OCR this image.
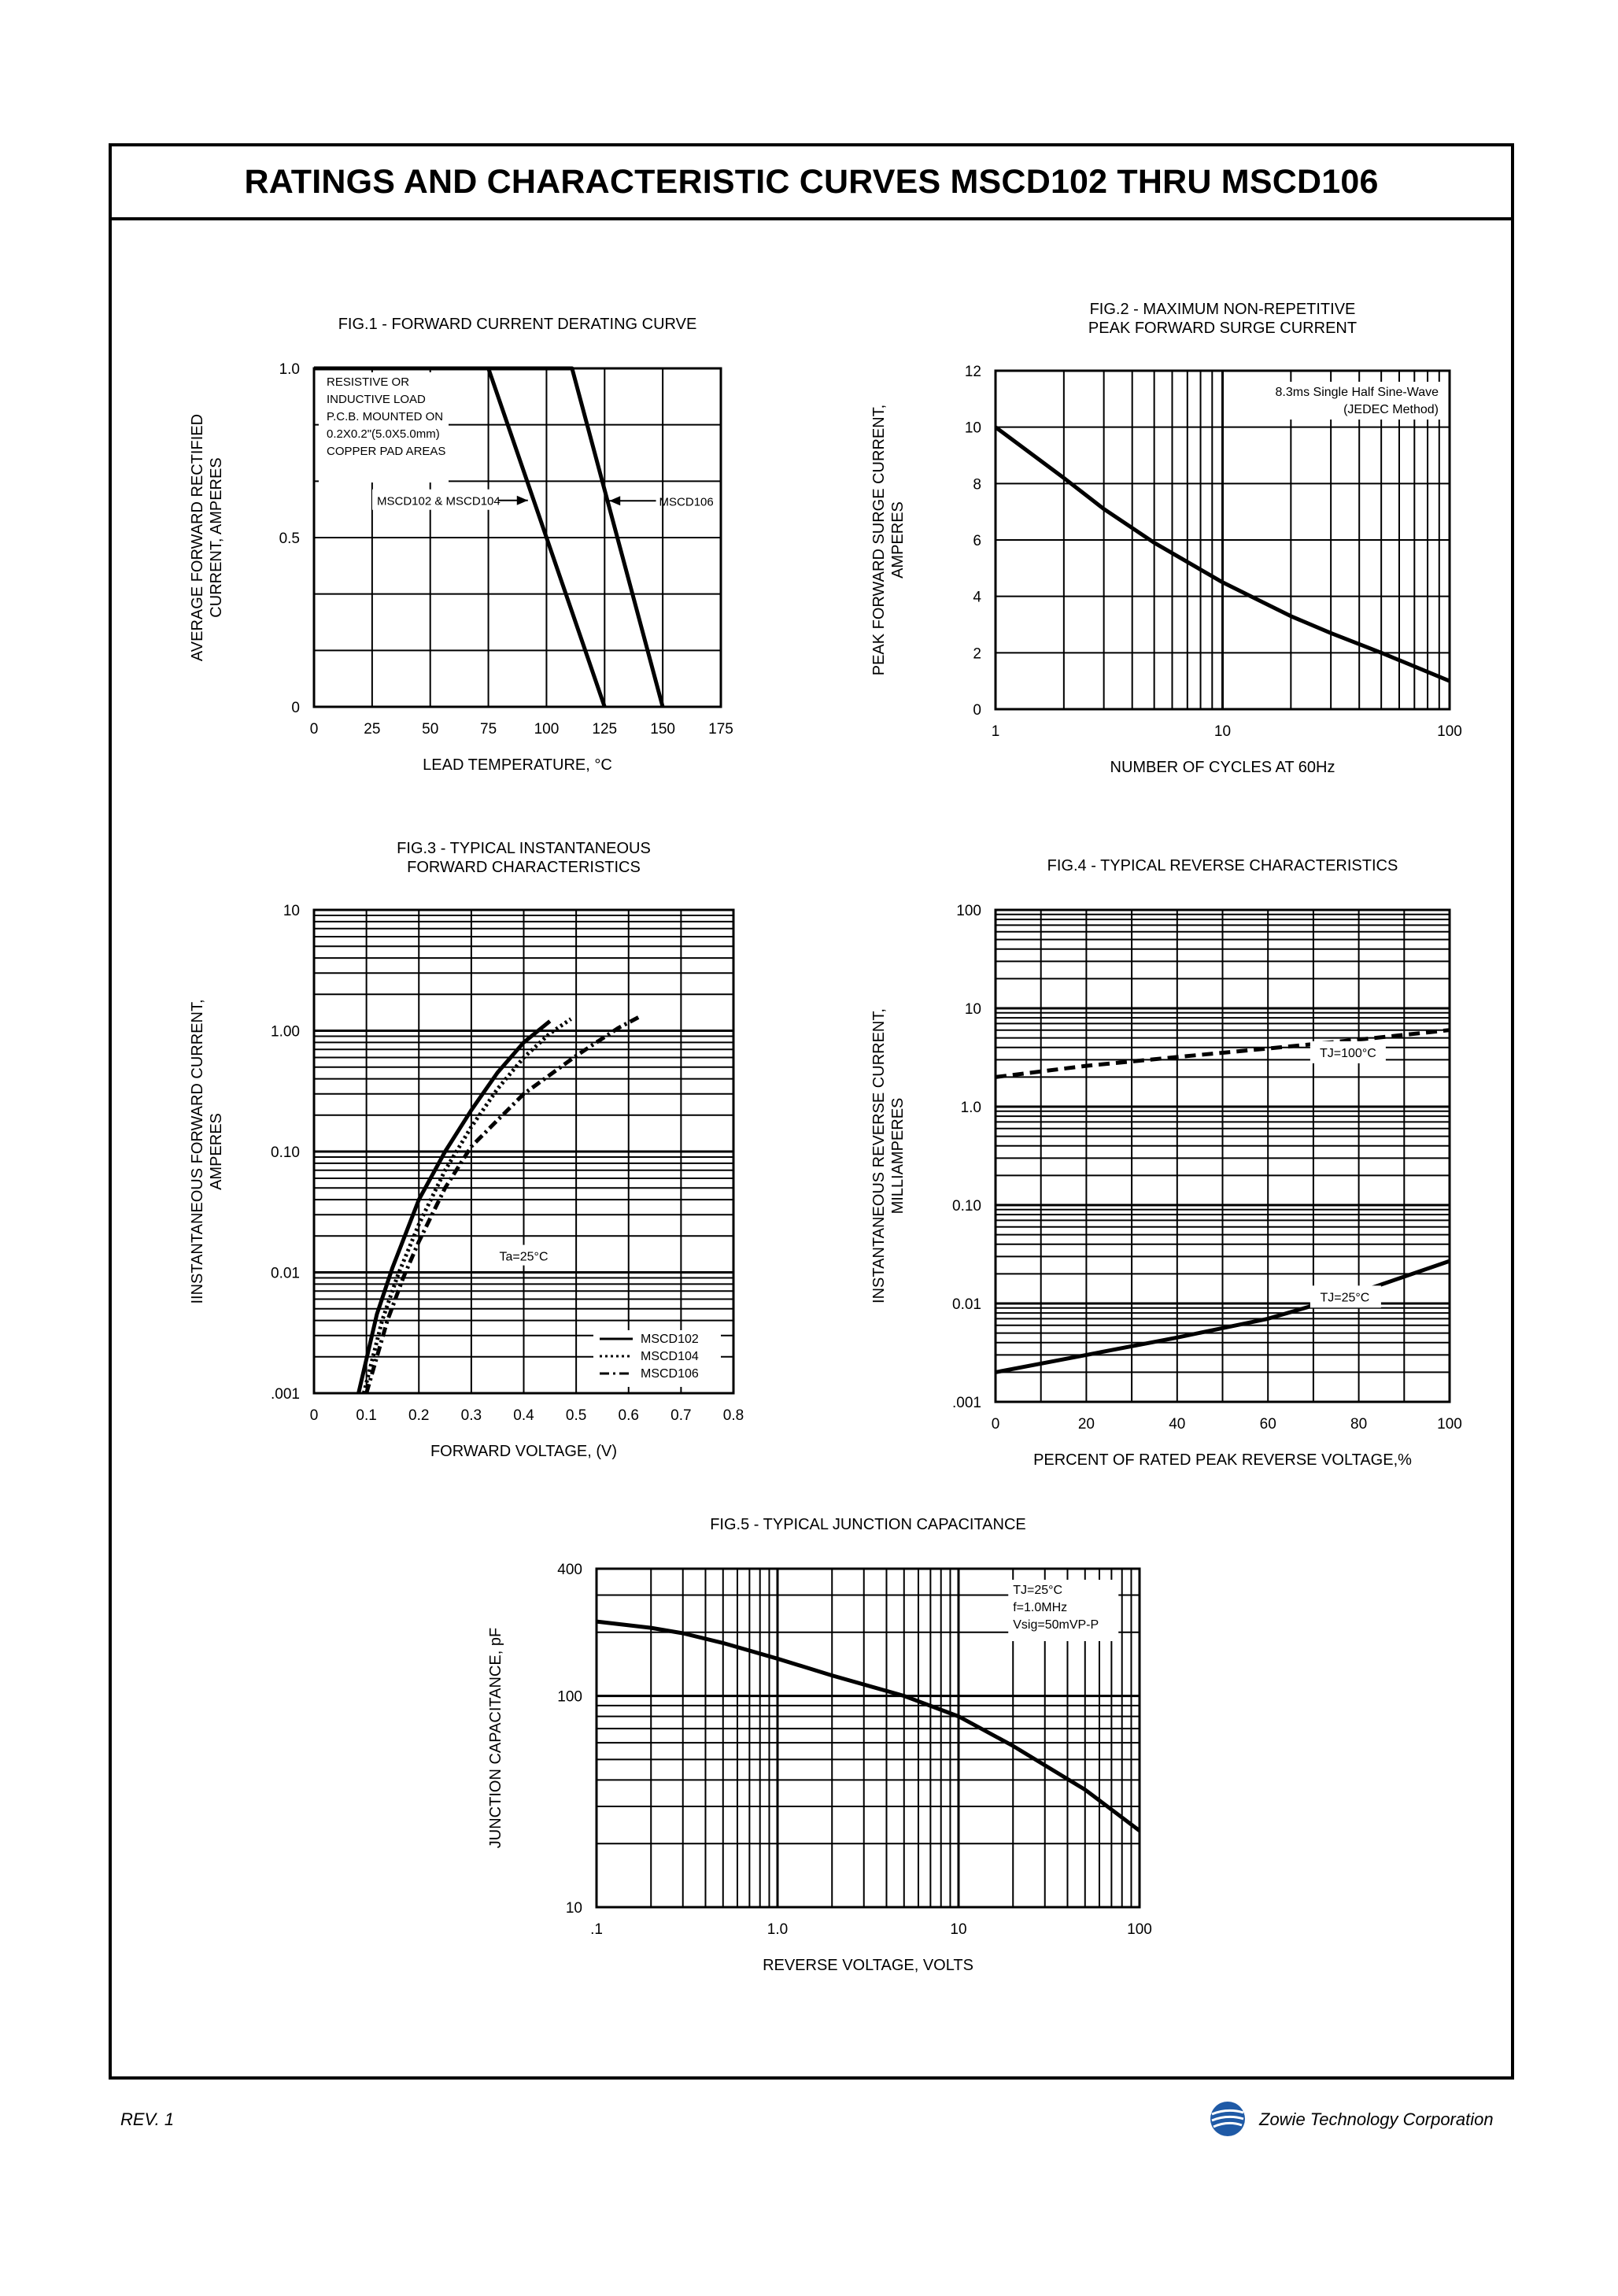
RATINGS AND CHARACTERISTIC CURVES MSCD102 THRU MSCD106
0	25	50	75 100 125 150 175
0
0.5
1.0
FIG.1 - FORWARD CURRENT DERATING CURVE
LEAD TEMPERATURE, °C
AVERAGE FORWARD RECTIFIED CURRENT, AMPERES
RESISTIVE OR
INDUCTIVE LOAD
P.C.B. MOUNTED ON
0.2X0.2"(5.0X5.0mm)
COPPER PAD AREAS
MSCD102 & MSCD104	MSCD106
1	10	100
0
2
4
6
8
10
12
FIG.2 - MAXIMUM NON-REPETITIVE
PEAK FORWARD SURGE CURRENT
NUMBER OF CYCLES AT 60Hz
PEAK FORWARD SURGE CURRENT, AMPERES
8.3ms Single Half Sine-Wave
(JEDEC Method)
0	0.1 0.2 0.3 0.4 0.5 0.6 0.7 0.8
.001
0.01
0.10
1.00
10
FIG.3 - TYPICAL INSTANTANEOUS
FORWARD CHARACTERISTICS
FORWARD VOLTAGE, (V)
IINSTANTANEOUS FORWARD CURRENT, AMPERES
Ta=25°C
MSCD102
MSCD104
MSCD106
0	20	40	60	80	100
.001
0.01
0.10
1.0
10
100
FIG.4 - TYPICAL REVERSE CHARACTERISTICS
PERCENT OF RATED PEAK REVERSE VOLTAGE,%
INSTANTANEOUS REVERSE CURRENT, MILLIAMPERES
TJ=100°C
TJ=25°C
.1	1.0	10	100
10
100
400
FIG.5 - TYPICAL JUNCTION CAPACITANCE
REVERSE VOLTAGE, VOLTS
JUNCTION CAPACITANCE, pF
TJ=25°C
f=1.0MHz
Vsig=50mVP-P
REV. 1	Zowie Technology Corporation
